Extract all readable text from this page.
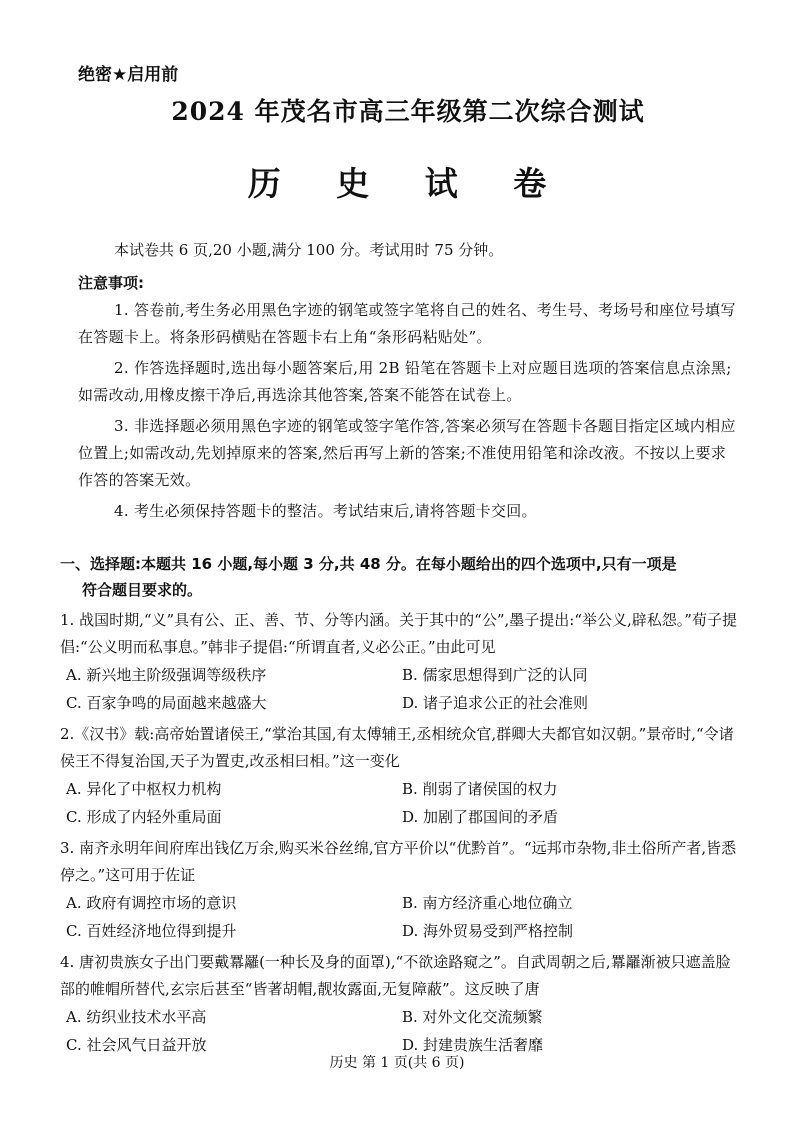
绝密★启用前
2024 年茂名市高三年级第二次综合测试
历 史 试 卷

本试卷共 6 页,20 小题,满分 100 分。考试用时 75 分钟。

注意事项:

1. 答卷前,考生务必用黑色字迹的钢笔或签字笔将自己的姓名、考生号、考场号和座位号填写在答题卡上。将条形码横贴在答题卡右上角“条形码粘贴处”。

2. 作答选择题时,选出每小题答案后,用 2B 铅笔在答题卡上对应题目选项的答案信息点涂黑;如需改动,用橡皮擦干净后,再选涂其他答案,答案不能答在试卷上。

3. 非选择题必须用黑色字迹的钢笔或签字笔作答,答案必须写在答题卡各题目指定区域内相应位置上;如需改动,先划掉原来的答案,然后再写上新的答案;不准使用铅笔和涂改液。不按以上要求作答的答案无效。

4. 考生必须保持答题卡的整洁。考试结束后,请将答题卡交回。

一、选择题:本题共 16 小题,每小题 3 分,共 48 分。在每小题给出的四个选项中,只有一项是
符合题目要求的。
1. 战国时期,“义”具有公、正、善、节、分等内涵。关于其中的“公”,墨子提出:“举公义,辟私怨。”荀子提倡:“公义明而私事息。”韩非子提倡:“所谓直者,义必公正。”由此可见
A. 新兴地主阶级强调等级秩序	B. 儒家思想得到广泛的认同
C. 百家争鸣的局面越来越盛大	D. 诸子追求公正的社会准则
2.《汉书》载:高帝始置诸侯王,“掌治其国,有太傅辅王,丞相统众官,群卿大夫都官如汉朝。”景帝时,“令诸侯王不得复治国,天子为置吏,改丞相曰相。”这一变化
A. 异化了中枢权力机构	B. 削弱了诸侯国的权力
C. 形成了内轻外重局面	D. 加剧了郡国间的矛盾
3. 南齐永明年间府库出钱亿万余,购买米谷丝绵,官方平价以“优黔首”。“远邦市杂物,非土俗所产者,皆悉停之。”这可用于佐证
A. 政府有调控市场的意识	B. 南方经济重心地位确立
C. 百姓经济地位得到提升	D. 海外贸易受到严格控制
4. 唐初贵族女子出门要戴羃䍦(一种长及身的面罩),“不欲途路窥之”。自武周朝之后,羃䍦渐被只遮盖脸部的帷帽所替代,玄宗后甚至“皆著胡帽,靓妆露面,无复障蔽”。这反映了唐
A. 纺织业技术水平高	B. 对外文化交流频繁
C. 社会风气日益开放	D. 封建贵族生活奢靡
历史 第 1 页(共 6 页)
